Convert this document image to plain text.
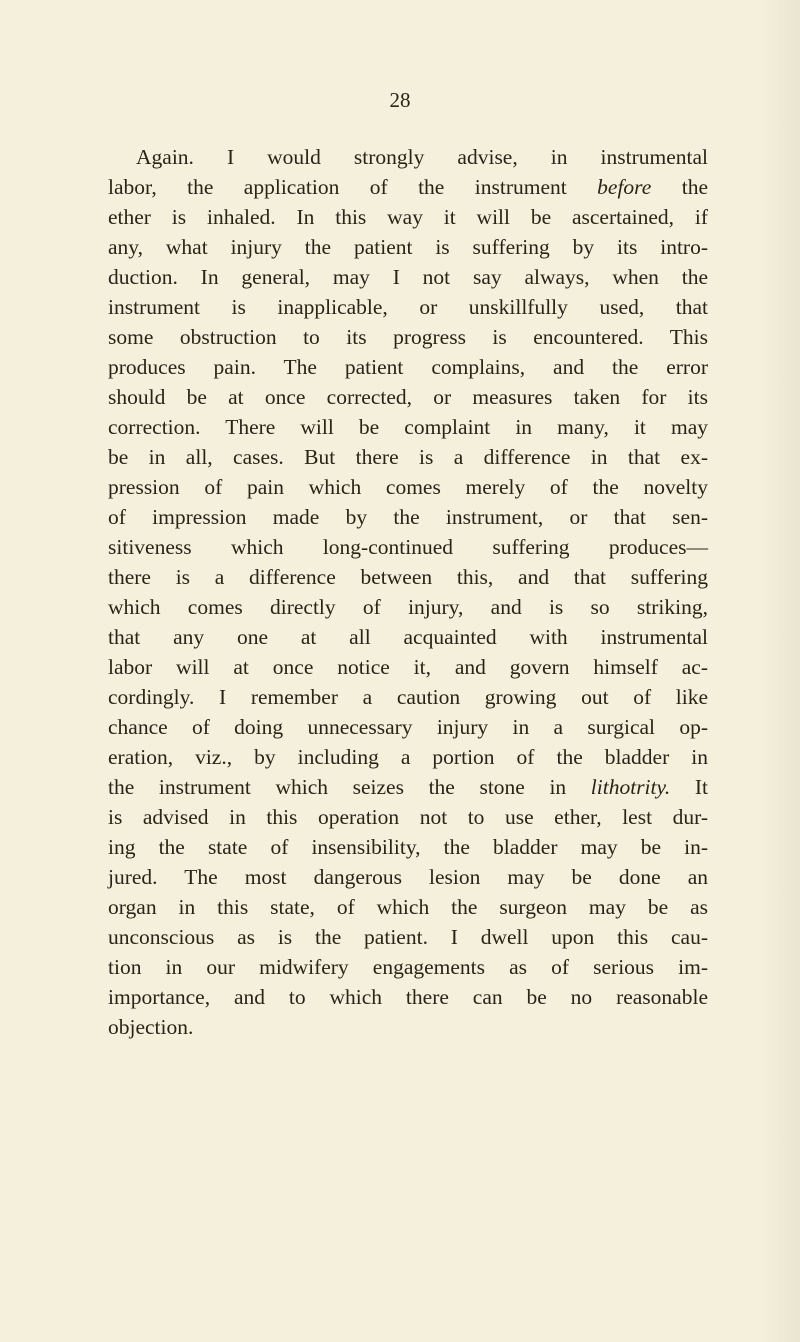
28
Again. I would strongly advise, in instrumental
labor, the application of the instrument before the
ether is inhaled. In this way it will be ascertained, if
any, what injury the patient is suffering by its intro-
duction. In general, may I not say always, when the
instrument is inapplicable, or unskillfully used, that
some obstruction to its progress is encountered. This
produces pain. The patient complains, and the error
should be at once corrected, or measures taken for its
correction. There will be complaint in many, it may
be in all, cases. But there is a difference in that ex-
pression of pain which comes merely of the novelty
of impression made by the instrument, or that sen-
sitiveness which long-continued suffering produces—
there is a difference between this, and that suffering
which comes directly of injury, and is so striking,
that any one at all acquainted with instrumental
labor will at once notice it, and govern himself ac-
cordingly. I remember a caution growing out of like
chance of doing unnecessary injury in a surgical op-
eration, viz., by including a portion of the bladder in
the instrument which seizes the stone in lithotrity. It
is advised in this operation not to use ether, lest dur-
ing the state of insensibility, the bladder may be in-
jured. The most dangerous lesion may be done an
organ in this state, of which the surgeon may be as
unconscious as is the patient. I dwell upon this cau-
tion in our midwifery engagements as of serious im-
importance, and to which there can be no reasonable
objection.
